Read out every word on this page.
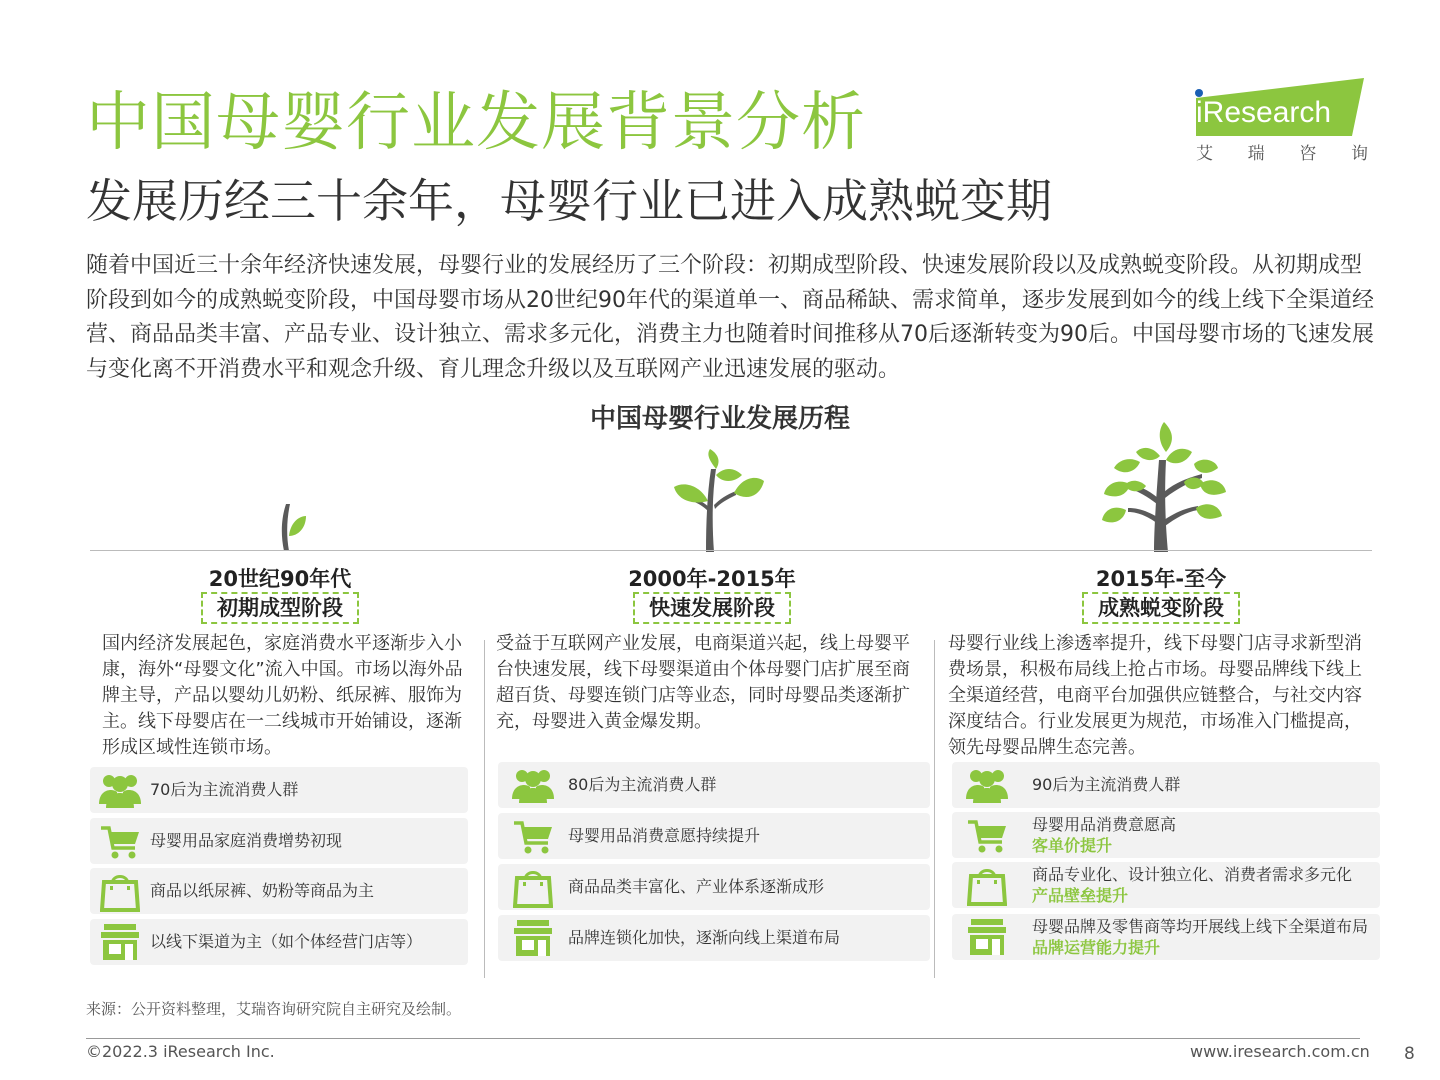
中国母婴行业发展背景分析
发展历经三十余年，母婴行业已进入成熟蜕变期
iResearch
艾 瑞 咨 询
随着中国近三十余年经济快速发展，母婴行业的发展经历了三个阶段：初期成型阶段、快速发展阶段以及成熟蜕变阶段。从初期成型阶段到如今的成熟蜕变阶段，中国母婴市场从20世纪90年代的渠道单一、商品稀缺、需求简单，逐步发展到如今的线上线下全渠道经营、商品品类丰富、产品专业、设计独立、需求多元化，消费主力也随着时间推移从70后逐渐转变为90后。中国母婴市场的飞速发展与变化离不开消费水平和观念升级、育儿理念升级以及互联网产业迅速发展的驱动。
中国母婴行业发展历程
20世纪90年代
初期成型阶段
国内经济发展起色，家庭消费水平逐渐步入小康，海外“母婴文化”流入中国。市场以海外品牌主导，产品以婴幼儿奶粉、纸尿裤、服饰为主。线下母婴店在一二线城市开始铺设，逐渐形成区域性连锁市场。
70后为主流消费人群
母婴用品家庭消费增势初现
商品以纸尿裤、奶粉等商品为主
以线下渠道为主（如个体经营门店等）
2000年-2015年
快速发展阶段
受益于互联网产业发展，电商渠道兴起，线上母婴平台快速发展，线下母婴渠道由个体母婴门店扩展至商超百货、母婴连锁门店等业态，同时母婴品类逐渐扩充，母婴进入黄金爆发期。
80后为主流消费人群
母婴用品消费意愿持续提升
商品品类丰富化、产业体系逐渐成形
品牌连锁化加快，逐渐向线上渠道布局
2015年-至今
成熟蜕变阶段
母婴行业线上渗透率提升，线下母婴门店寻求新型消费场景，积极布局线上抢占市场。母婴品牌线下线上全渠道经营，电商平台加强供应链整合，与社交内容深度结合。行业发展更为规范，市场准入门槛提高，领先母婴品牌生态完善。
90后为主流消费人群
母婴用品消费意愿高
客单价提升
商品专业化、设计独立化、消费者需求多元化
产品壁垒提升
母婴品牌及零售商等均开展线上线下全渠道布局
品牌运营能力提升
来源：公开资料整理，艾瑞咨询研究院自主研究及绘制。
©2022.3 iResearch Inc.	www.iresearch.com.cn 8
